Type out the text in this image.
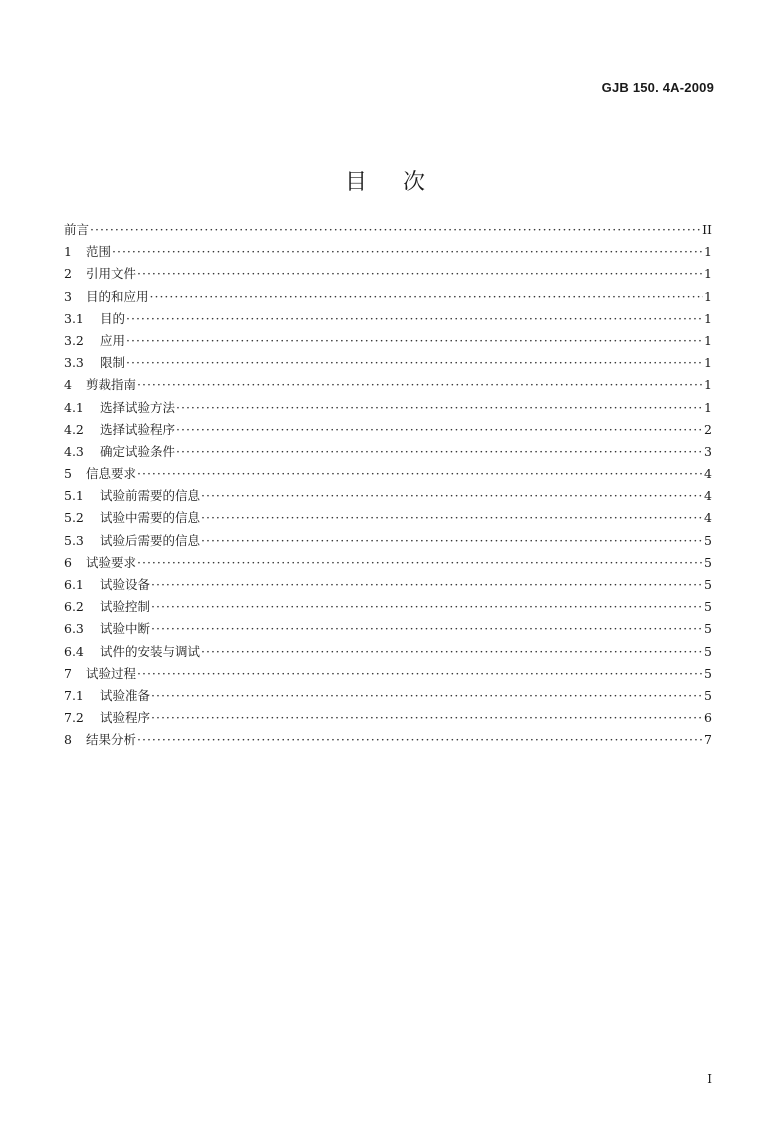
GJB 150. 4A-2009
目 次
前言 ·····	II
1	范围 ·····	1
2	引用文件 ·····	1
3	目的和应用 ·····	1
3.1	目的 ·····	1
3.2	应用 ·····	1
3.3	限制 ·····	1
4	剪裁指南 ·····	1
4.1	选择试验方法 ·····	1
4.2	选择试验程序 ·····	2
4.3	确定试验条件 ·····	3
5	信息要求 ·····	4
5.1	试验前需要的信息 ·····	4
5.2	试验中需要的信息 ·····	4
5.3	试验后需要的信息 ·····	5
6	试验要求 ·····	5
6.1	试验设备 ·····	5
6.2	试验控制 ·····	5
6.3	试验中断 ·····	5
6.4	试件的安装与调试 ·····	5
7	试验过程 ·····	5
7.1	试验准备 ·····	5
7.2	试验程序 ·····	6
8	结果分析 ·····	7
I
